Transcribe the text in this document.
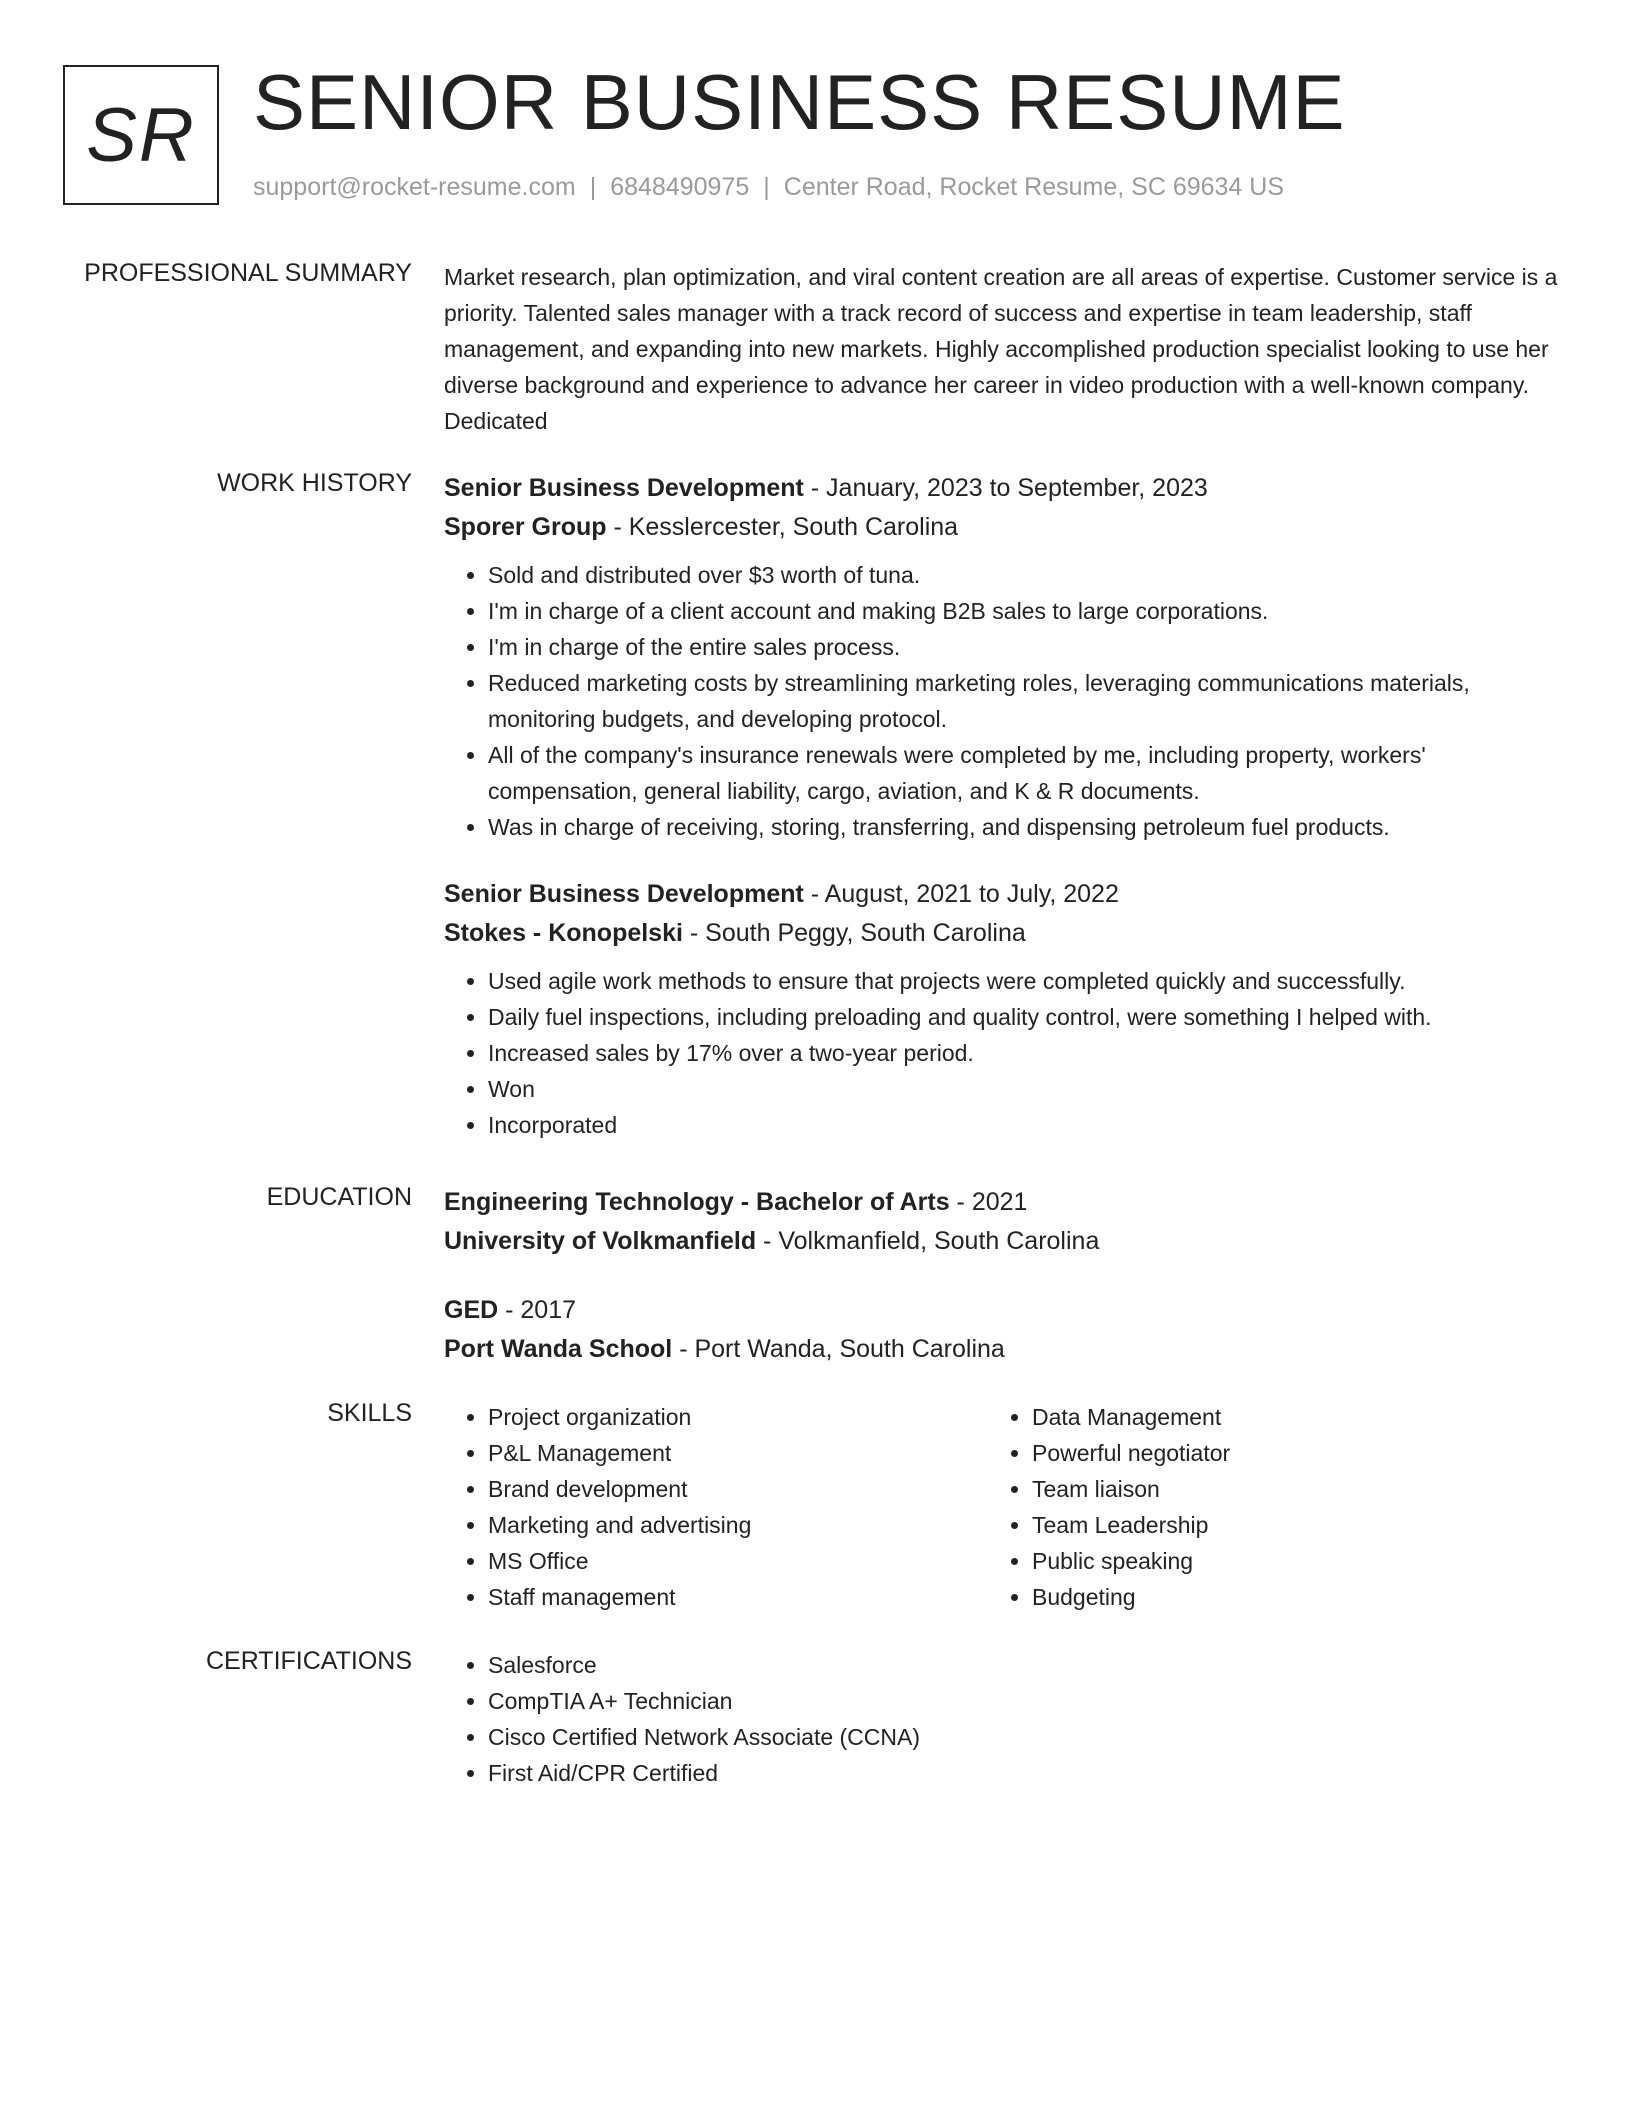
SR SENIOR BUSINESS RESUME
support@rocket-resume.com | 6848490975 | Center Road, Rocket Resume, SC 69634 US
PROFESSIONAL SUMMARY Market research, plan optimization, and viral content creation are all areas of expertise. Customer service is a priority. Talented sales manager with a track record of success and expertise in team leadership, staff management, and expanding into new markets. Highly accomplished production specialist looking to use her diverse background and experience to advance her career in video production with a well-known company. Dedicated

WORK HISTORY Senior Business Development - January, 2023 to September, 2023
Sporer Group - Kesslercester, South Carolina
• Sold and distributed over $3 worth of tuna.
• I'm in charge of a client account and making B2B sales to large corporations.
• I'm in charge of the entire sales process.
• Reduced marketing costs by streamlining marketing roles, leveraging communications materials, monitoring budgets, and developing protocol.
• All of the company's insurance renewals were completed by me, including property, workers' compensation, general liability, cargo, aviation, and K & R documents.
• Was in charge of receiving, storing, transferring, and dispensing petroleum fuel products.
Senior Business Development - August, 2021 to July, 2022
Stokes - Konopelski - South Peggy, South Carolina
• Used agile work methods to ensure that projects were completed quickly and successfully.
• Daily fuel inspections, including preloading and quality control, were something I helped with.
• Increased sales by 17% over a two-year period.
• Won
• Incorporated
EDUCATION Engineering Technology - Bachelor of Arts - 2021
University of Volkmanfield - Volkmanfield, South Carolina
GED - 2017
Port Wanda School - Port Wanda, South Carolina
SKILLS	• Project organization
• P&L Management
• Brand development
• Marketing and advertising
• MS Office
• Staff management
• Data Management
• Powerful negotiator
• Team liaison
• Team Leadership
• Public speaking
• Budgeting
CERTIFICATIONS	• Salesforce
• CompTIA A+ Technician
• Cisco Certified Network Associate (CCNA)
• First Aid/CPR Certified
